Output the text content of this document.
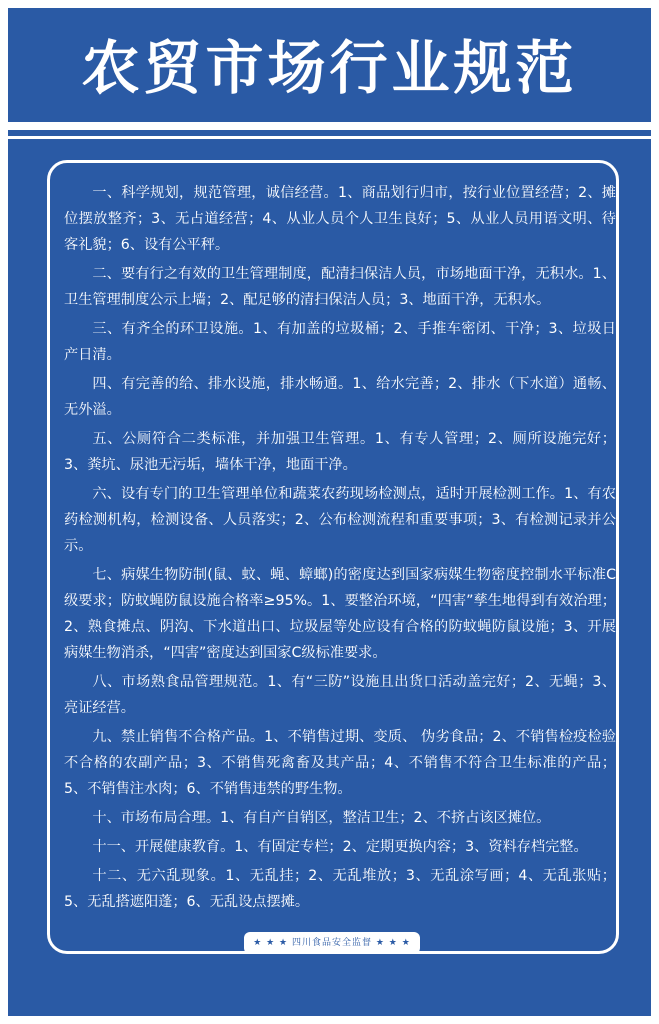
农贸市场行业规范

一、科学规划，规范管理，诚信经营。1、商品划行归市，按行业位置经营；2、摊位摆放整齐；3、无占道经营；4、从业人员个人卫生良好；5、从业人员用语文明、待客礼貌；6、设有公平秤。

二、要有行之有效的卫生管理制度，配清扫保洁人员，市场地面干净，无积水。1、卫生管理制度公示上墙；2、配足够的清扫保洁人员；3、地面干净，无积水。

三、有齐全的环卫设施。1、有加盖的垃圾桶；2、手推车密闭、干净；3、垃圾日产日清。

四、有完善的给、排水设施，排水畅通。1、给水完善；2、排水（下水道）通畅、无外溢。

五、公厕符合二类标准，并加强卫生管理。1、有专人管理；2、厕所设施完好；3、粪坑、尿池无污垢，墙体干净，地面干净。

六、设有专门的卫生管理单位和蔬菜农药现场检测点，适时开展检测工作。1、有农药检测机构，检测设备、人员落实；2、公布检测流程和重要事项；3、有检测记录并公示。

七、病媒生物防制(鼠、蚊、蝇、蟑螂)的密度达到国家病媒生物密度控制水平标准C级要求；防蚊蝇防鼠设施合格率≥95%。1、要整治环境，“四害”孳生地得到有效治理；2、熟食摊点、阴沟、下水道出口、垃圾屋等处应设有合格的防蚊蝇防鼠设施；3、开展病媒生物消杀，“四害”密度达到国家C级标准要求。

八、市场熟食品管理规范。1、有“三防”设施且出货口活动盖完好；2、无蝇；3、亮证经营。

九、禁止销售不合格产品。1、不销售过期、变质、 伪劣食品；2、不销售检疫检验不合格的农副产品；3、不销售死禽畜及其产品；4、不销售不符合卫生标准的产品；5、不销售注水肉；6、不销售违禁的野生物。

十、市场布局合理。1、有自产自销区，整洁卫生；2、不挤占该区摊位。

十一、开展健康教育。1、有固定专栏；2、定期更换内容；3、资料存档完整。

十二、无六乱现象。1、无乱挂；2、无乱堆放；3、无乱涂写画；4、无乱张贴；5、无乱搭遮阳蓬；6、无乱设点摆摊。

★ ★ ★ 四川食品安全监督 ★ ★ ★
